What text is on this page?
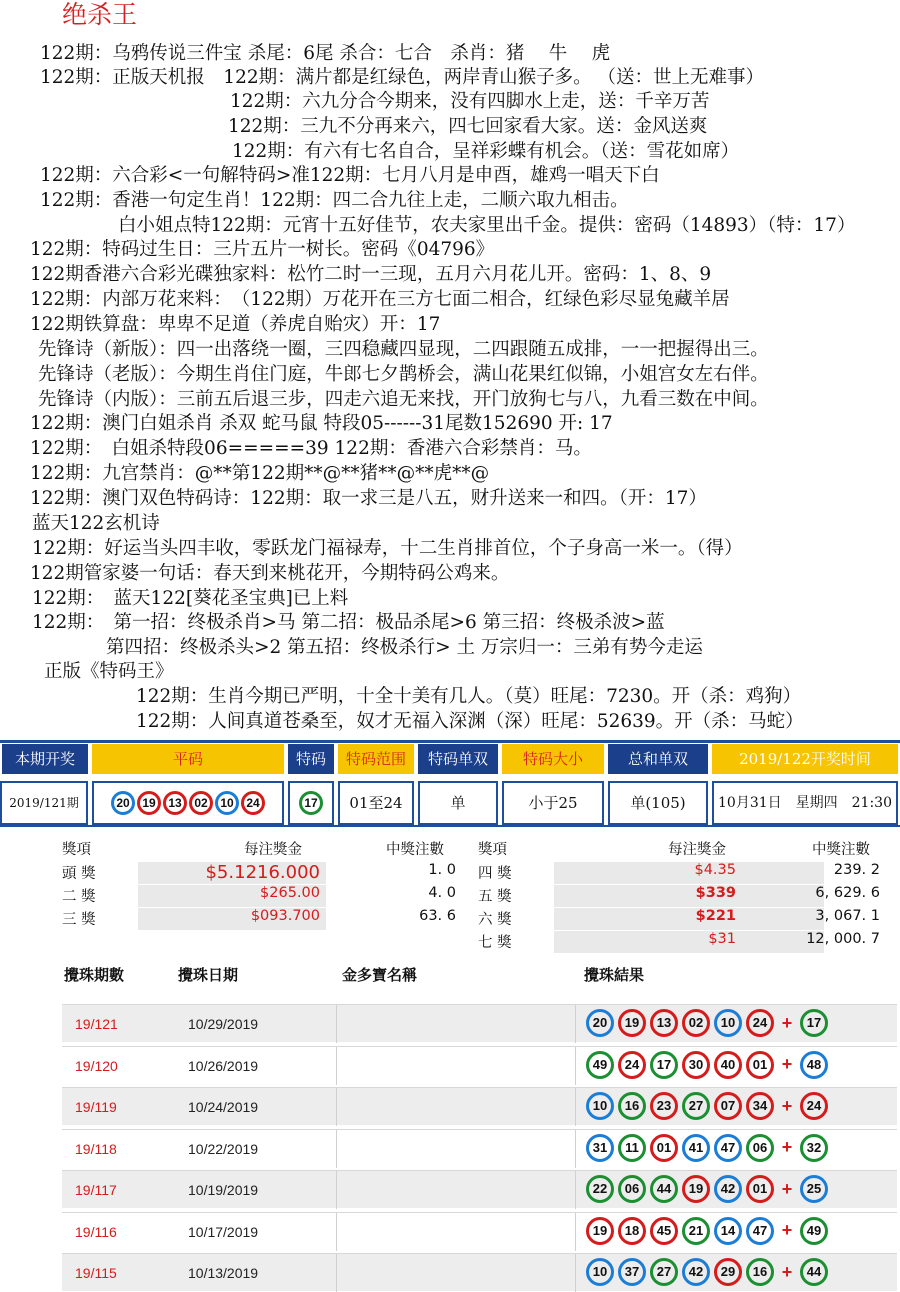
绝杀王
122期：乌鸦传说三件宝 杀尾：6尾 杀合：七合　杀肖：猪　 牛　 虎
122期：正版天机报　122期：满片都是红绿色，两岸青山猴子多。 （送：世上无难事）
122期：六九分合今期来，没有四脚水上走，送：千辛万苦
122期：三九不分再来六，四七回家看大家。送：金风送爽
122期：有六有七名自合，呈祥彩蝶有机会。（送：雪花如席）
122期：六合彩<一句解特码>准122期：七月八月是申酉，雄鸡一唱天下白
122期：香港一句定生肖！122期：四二合九往上走，二顺六取九相击。
白小姐点特122期：元宵十五好佳节，农夫家里出千金。提供：密码（14893）（特：17）
122期：特码过生日：三片五片一树长。密码《04796》
122期香港六合彩光碟独家料：松竹二时一三现，五月六月花儿开。密码：1、8、9
122期：内部万花来料：　（122期）万花开在三方七面二相合，红绿色彩尽显兔藏羊居
122期铁算盘：卑卑不足道（养虎自贻灾）开：17
先锋诗（新版）：四一出落绕一圈，三四稳藏四显现，二四跟随五成排，一一把握得出三。
先锋诗（老版）：今期生肖住门庭，牛郎七夕鹊桥会，满山花果红似锦，小姐宫女左右伴。
先锋诗（内版）：三前五后退三步，四走六追无来找，开门放狗七与八，九看三数在中间。
122期：澳门白姐杀肖 杀双 蛇马鼠 特段05------31尾数152690 开: 17
122期：　白姐杀特段06=====39 122期：香港六合彩禁肖：马。
122期：九宫禁肖：@**第122期**@**猪**@**虎**@
122期：澳门双色特码诗：122期：取一求三是八五，财升送来一和四。（开：17）
蓝天122玄机诗
122期：好运当头四丰收，零跃龙门福禄寿，十二生肖排首位，个子身高一米一。（得）
122期管家婆一句话：春天到来桃花开，今期特码公鸡来。
122期：　蓝天122[葵花圣宝典]已上料
122期：　第一招：终极杀肖>马 第二招：极品杀尾>6 第三招：终极杀波>蓝
第四招：终极杀头>2 第五招：终极杀行> 土 万宗归一：三弟有势今走运
正版《特码王》
122期：生肖今期已严明，十全十美有几人。（莫）旺尾：7230。开（杀：鸡狗）
122期：人间真道苍桑至，奴才无福入深渊（深）旺尾：52639。开（杀：马蛇）
本期开奖	平码	特码	特码范围	特码单双	特码大小	总和单双	2019/122开奖时间
2019/121期	20 19 13 02 10 24	17	01至24	单	小于25	单(105)	10月31日　星期四　21:30
獎項	每注獎金	中獎注數 獎項	每注獎金	中獎注數
頭 獎	$5.1216.000	1. 0
二 獎	$265.00	4. 0
三 獎	$093.700	63. 6
四 獎	$4.35	239. 2
五 獎	$339	6, 629. 6
六 獎	$221	3, 067. 1
七 獎	$31	12, 000. 7
攪珠期數	攪珠日期	金多寶名稱	攪珠結果
19/121	10/29/2019	20 19 13 02 10 24 + 17
19/120	10/26/2019	49 24 17 30 40 01 + 48
19/119	10/24/2019	10 16 23 27 07 34 + 24
19/118	10/22/2019	31 11 01 41 47 06 + 32
19/117	10/19/2019	22 06 44 19 42 01 + 25
19/116	10/17/2019	19 18 45 21 14 47 + 49
19/115	10/13/2019	10 37 27 42 29 16 + 44
